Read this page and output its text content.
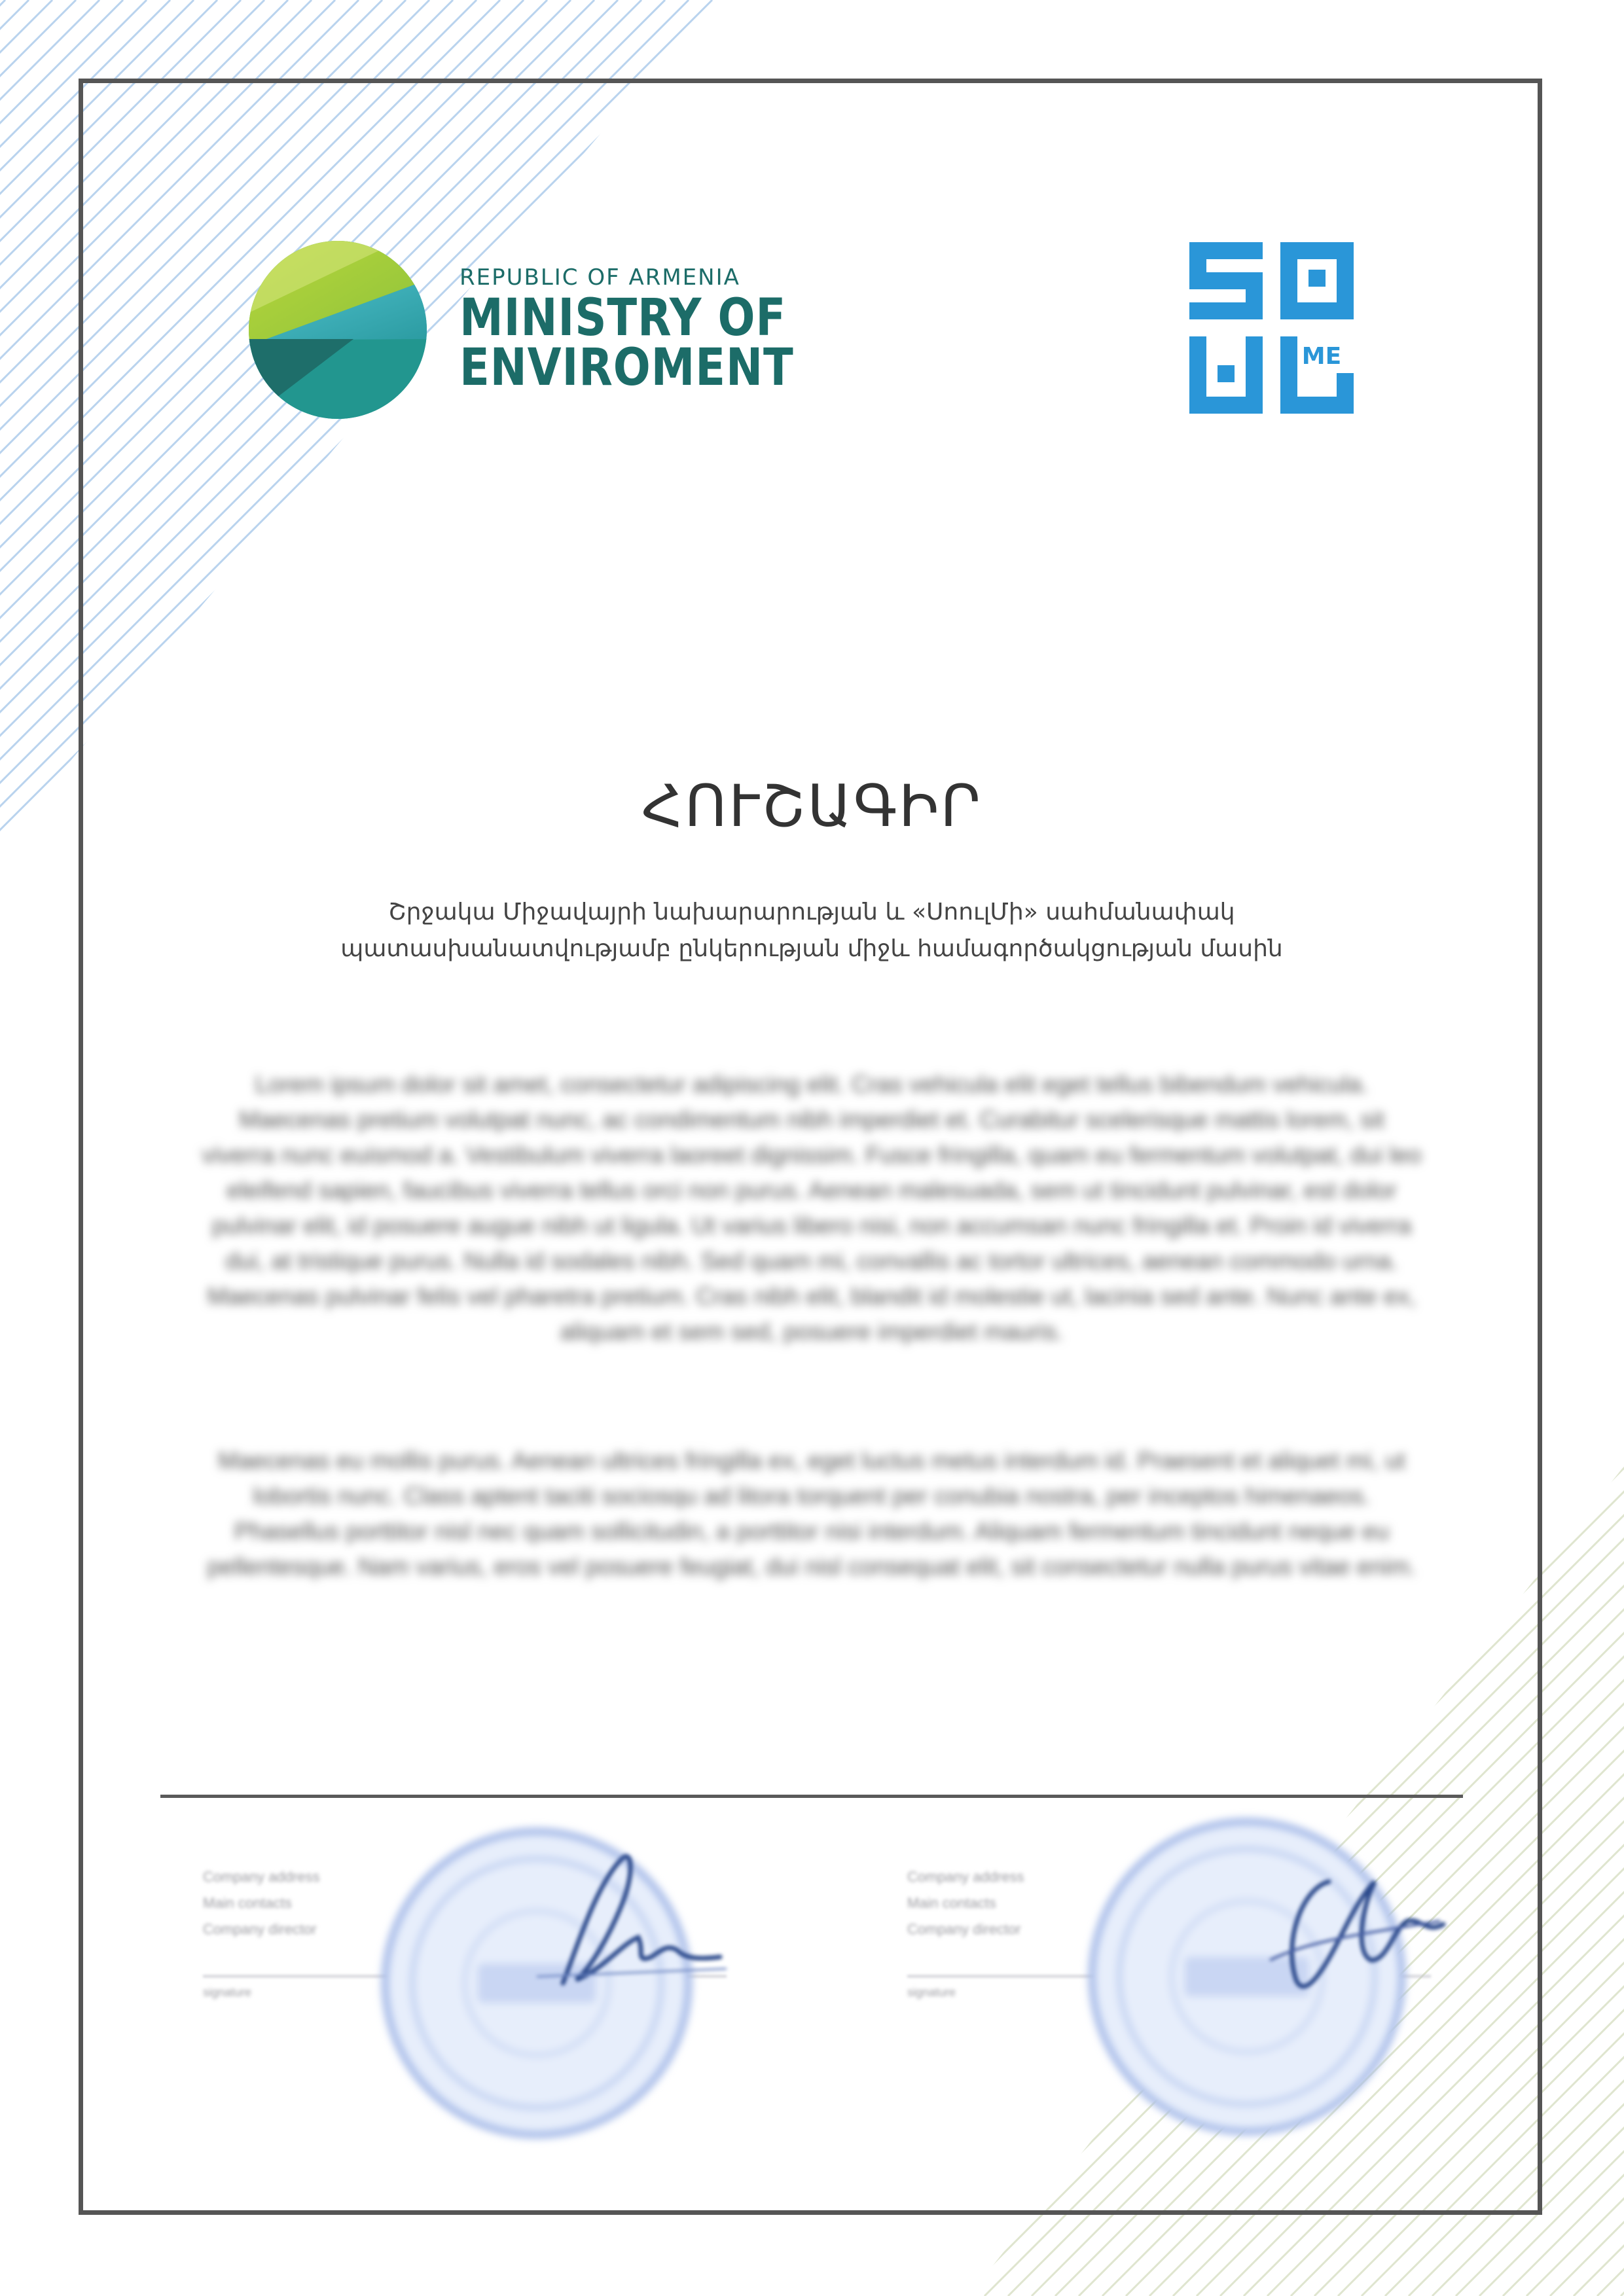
REPUBLIC OF ARMENIA
MINISTRY OF
ENVIROMENT	ME
ՀՈՒՇԱԳԻՐ
Շրջակա Միջավայրի նախարարության և «ՍոուլՄի» սահմանափակ
պատասխանատվությամբ ընկերության միջև համագործակցության մասին
Lorem ipsum dolor sit amet, consectetur adipiscing elit. Cras vehicula elit eget tellus bibendum vehicula. Maecenas pretium volutpat nunc, ac condimentum nibh imperdiet et. Curabitur scelerisque mattis lorem, sit viverra nunc euismod a. Vestibulum viverra laoreet dignissim. Fusce fringilla, quam eu fermentum volutpat, dui leo eleifend sapien, faucibus viverra tellus orci non purus. Aenean malesuada, sem ut tincidunt pulvinar, est dolor pulvinar elit, id posuere augue nibh ut ligula. Ut varius libero nisi, non accumsan nunc fringilla et. Proin id viverra dui, at tristique purus. Nulla id sodales nibh. Sed quam mi, convallis ac tortor ultrices, aenean commodo urna. Maecenas pulvinar felis vel pharetra pretium. Cras nibh elit, blandit id molestie ut, lacinia sed ante. Nunc ante ex, aliquam et sem sed, posuere imperdiet mauris.
Maecenas eu mollis purus. Aenean ultrices fringilla ex, eget luctus metus interdum id. Praesent et aliquet mi, ut lobortis nunc. Class aptent taciti sociosqu ad litora torquent per conubia nostra, per inceptos himenaeos. Phasellus porttitor nisl nec quam sollicitudin, a porttitor nisi interdum. Aliquam fermentum tincidunt neque eu pellentesque. Nam varius, eros vel posuere feugiat, dui nisl consequat elit, sit consectetur nulla purus vitae enim.
Company address
Main contacts
Company director
signature
Company address
Main contacts
Company director
signature
